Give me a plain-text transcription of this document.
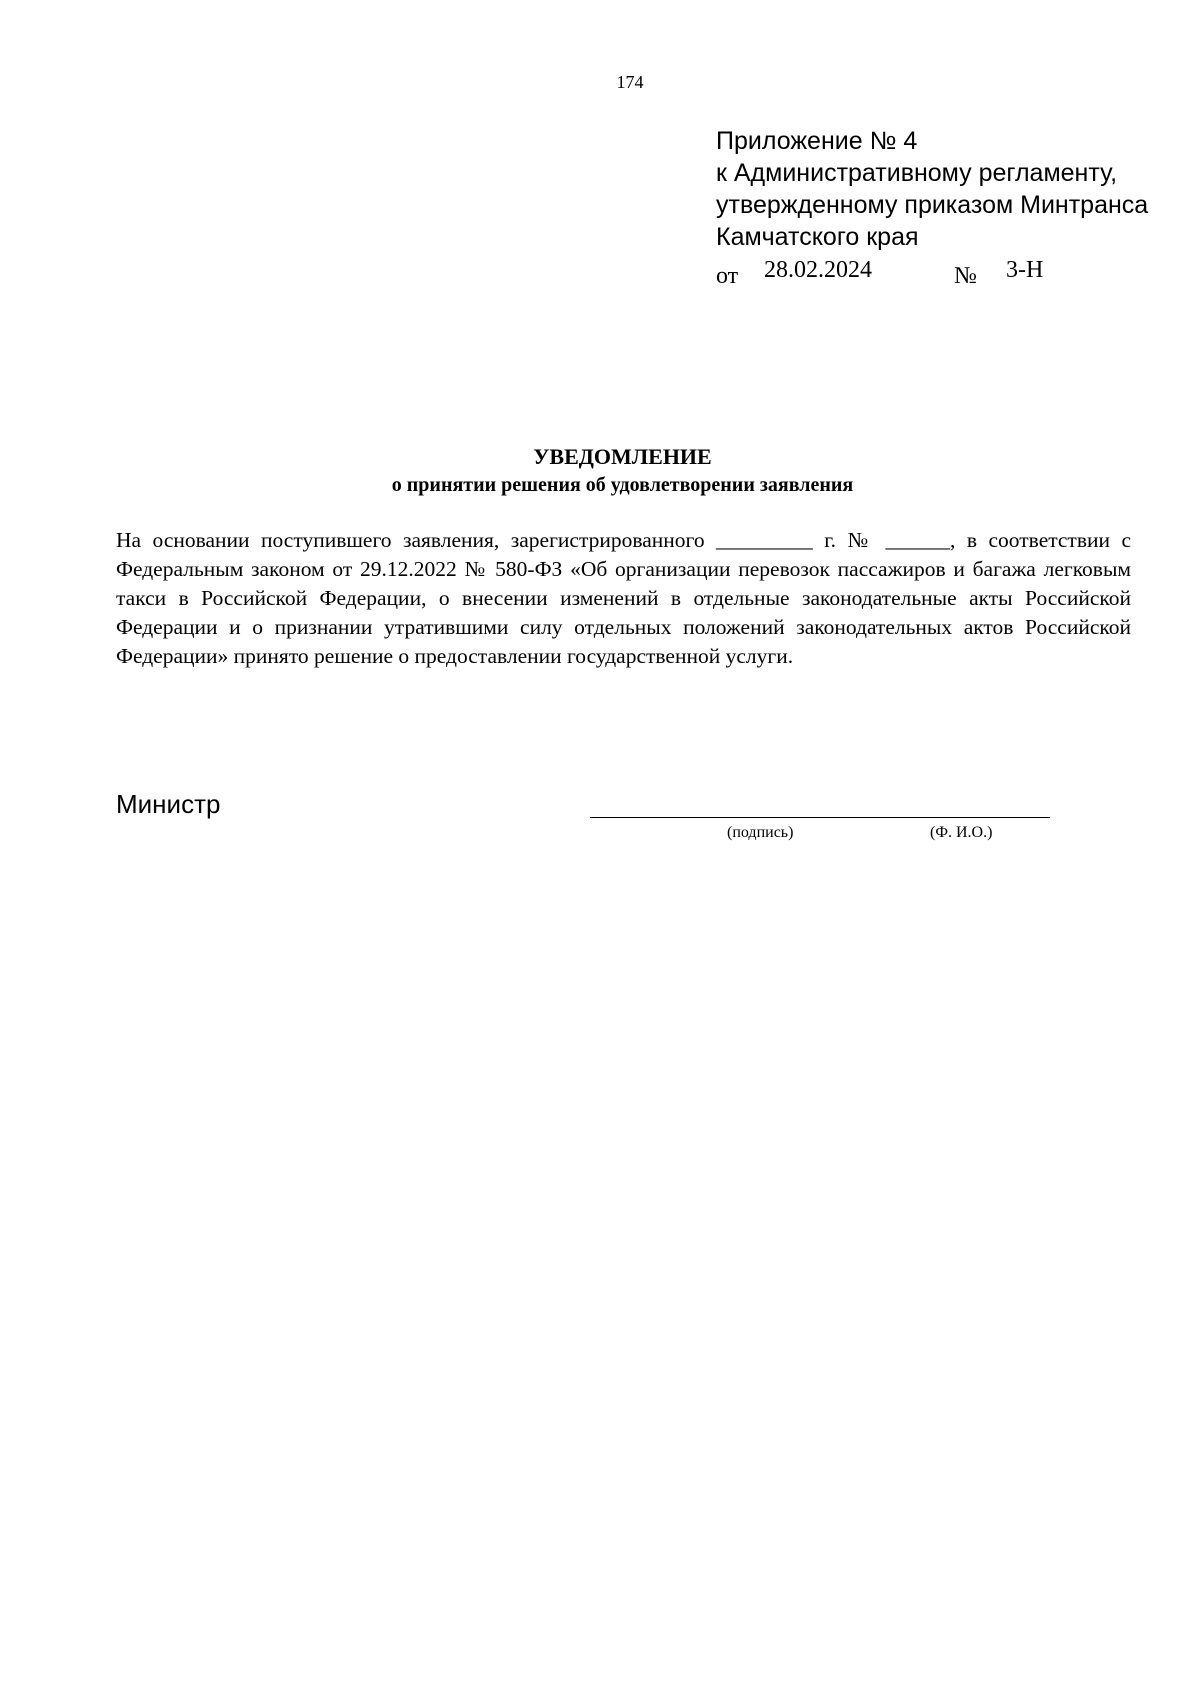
174
Приложение № 4
к Административному регламенту,
утвержденному приказом Минтранса
Камчатского края
от 28.02.2024	№ 3-Н
УВЕДОМЛЕНИЕ
о принятии решения об удовлетворении заявления
На основании поступившего заявления, зарегистрированного _________ г. № ______, в соответствии с Федеральным законом от 29.12.2022 № 580-ФЗ «Об организации перевозок пассажиров и багажа легковым такси в Российской Федерации, о внесении изменений в отдельные законодательные акты Российской Федерации и о признании утратившими силу отдельных положений законодательных актов Российской Федерации» принято решение о предоставлении государственной услуги.
Министр
(подпись)	(Ф. И.О.)
